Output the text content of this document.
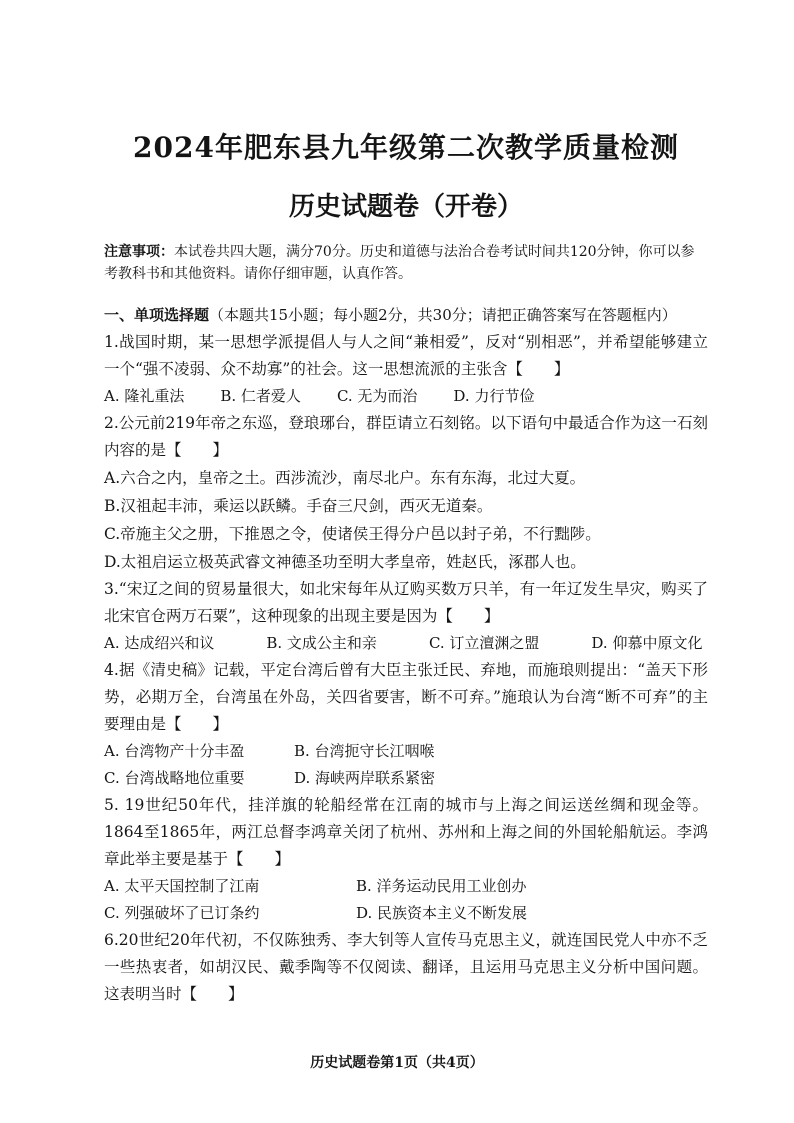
2024年肥东县九年级第二次教学质量检测
历史试题卷（开卷）
注意事项：本试卷共四大题，满分70分。历史和道德与法治合卷考试时间共120分钟，你可以参考教科书和其他资料。请你仔细审题，认真作答。
一、单项选择题（本题共15小题；每小题2分，共30分；请把正确答案写在答题框内）
1.战国时期，某一思想学派提倡人与人之间“兼相爱”，反对“别相恶”，并希望能够建立一个“强不凌弱、众不劫寡”的社会。这一思想流派的主张含【　　】
A. 隆礼重法 B. 仁者爱人 C. 无为而治 D. 力行节俭
2.公元前219年帝之东巡，登琅琊台，群臣请立石刻铭。以下语句中最适合作为这一石刻内容的是【　　】
A.六合之内，皇帝之土。西涉流沙，南尽北户。东有东海，北过大夏。
B.汉祖起丰沛，乘运以跃鳞。手奋三尺剑，西灭无道秦。
C.帝施主父之册，下推恩之令，使诸侯王得分户邑以封子弟，不行黜陟。
D.太祖启运立极英武睿文神德圣功至明大孝皇帝，姓赵氏，涿郡人也。
3.“宋辽之间的贸易量很大，如北宋每年从辽购买数万只羊，有一年辽发生旱灾，购买了北宋官仓两万石粟”，这种现象的出现主要是因为【　　】
A. 达成绍兴和议	B. 文成公主和亲	C. 订立澶渊之盟	D. 仰慕中原文化
4.据《清史稿》记载，平定台湾后曾有大臣主张迁民、弃地，而施琅则提出：“盖天下形势，必期万全，台湾虽在外岛，关四省要害，断不可弃。”施琅认为台湾“断不可弃”的主要理由是【　　】
A. 台湾物产十分丰盈	B. 台湾扼守长江咽喉
C. 台湾战略地位重要	D. 海峡两岸联系紧密
5. 19世纪50年代，挂洋旗的轮船经常在江南的城市与上海之间运送丝绸和现金等。1864至1865年，两江总督李鸿章关闭了杭州、苏州和上海之间的外国轮船航运。李鸿章此举主要是基于【　　】
A. 太平天国控制了江南	B. 洋务运动民用工业创办
C. 列强破坏了已订条约	D. 民族资本主义不断发展
6.20世纪20年代初，不仅陈独秀、李大钊等人宣传马克思主义，就连国民党人中亦不乏一些热衷者，如胡汉民、戴季陶等不仅阅读、翻译，且运用马克思主义分析中国问题。这表明当时【　　】
历史试题卷第1页（共4页）
